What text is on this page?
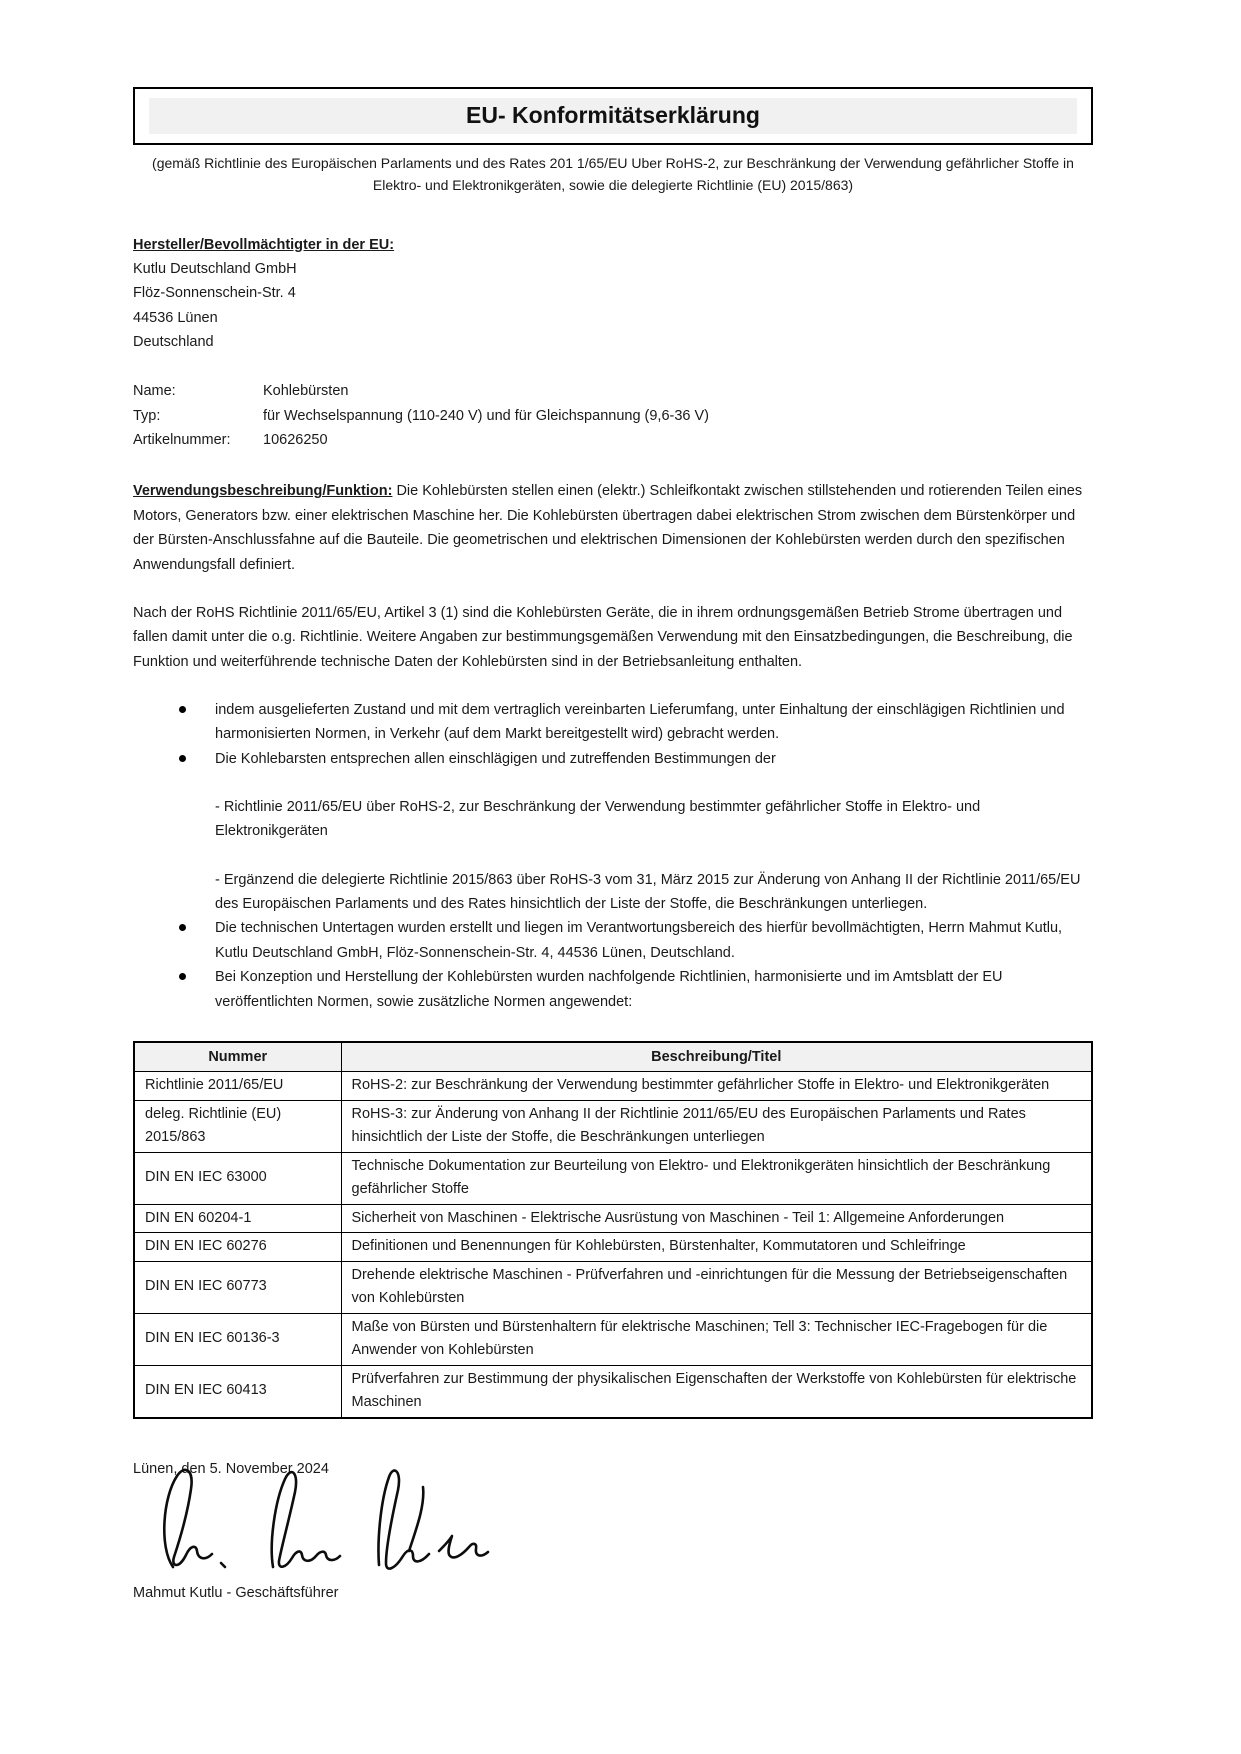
EU- Konformitätserklärung

(gemäß Richtlinie des Europäischen Parlaments und des Rates 201 1/65/EU Uber RoHS-2, zur Beschränkung der Verwendung gefährlicher Stoffe in Elektro- und Elektronikgeräten, sowie die delegierte Richtlinie (EU) 2015/863)

Hersteller/Bevollmächtigter in der EU:

Kutlu Deutschland GmbH

Flöz-Sonnenschein-Str. 4

44536 Lünen

Deutschland

Name:	Kohlebürsten
Typ:	für Wechselspannung (110-240 V) und für Gleichspannung (9,6-36 V)
Artikelnummer:	10626250

Verwendungsbeschreibung/Funktion: Die Kohlebürsten stellen einen (elektr.) Schleifkontakt zwischen stillstehenden und rotierenden Teilen eines Motors, Generators bzw. einer elektrischen Maschine her. Die Kohlebürsten übertragen dabei elektrischen Strom zwischen dem Bürstenkörper und der Bürsten-Anschlussfahne auf die Bauteile. Die geometrischen und elektrischen Dimensionen der Kohlebürsten werden durch den spezifischen Anwendungsfall definiert.

Nach der RoHS Richtlinie 2011/65/EU, Artikel 3 (1) sind die Kohlebürsten Geräte, die in ihrem ordnungsgemäßen Betrieb Strome übertragen und fallen damit unter die o.g. Richtlinie. Weitere Angaben zur bestimmungsgemäßen Verwendung mit den Einsatzbedingungen, die Beschreibung, die Funktion und weiterführende technische Daten der Kohlebürsten sind in der Betriebsanleitung enthalten.

indem ausgelieferten Zustand und mit dem vertraglich vereinbarten Lieferumfang, unter Einhaltung der einschlägigen Richtlinien und harmonisierten Normen, in Verkehr (auf dem Markt bereitgestellt wird) gebracht werden.
Die Kohlebarsten entsprechen allen einschlägigen und zutreffenden Bestimmungen der

- Richtlinie 2011/65/EU über RoHS-2, zur Beschränkung der Verwendung bestimmter gefährlicher Stoffe in Elektro- und Elektronikgeräten

- Ergänzend die delegierte Richtlinie 2015/863 über RoHS-3 vom 31, März 2015 zur Änderung von Anhang II der Richtlinie 2011/65/EU des Europäischen Parlaments und des Rates hinsichtlich der Liste der Stoffe, die Beschränkungen unterliegen.

Die technischen Untertagen wurden erstellt und liegen im Verantwortungsbereich des hierfür bevollmächtigten, Herrn Mahmut Kutlu, Kutlu Deutschland GmbH, Flöz-Sonnenschein-Str. 4, 44536 Lünen, Deutschland.
Bei Konzeption und Herstellung der Kohlebürsten wurden nachfolgende Richtlinien, harmonisierte und im Amtsblatt der EU veröffentlichten Normen, sowie zusätzliche Normen angewendet:
Nummer	Beschreibung/Titel
Richtlinie 2011/65/EU	RoHS-2: zur Beschränkung der Verwendung bestimmter gefährlicher Stoffe in Elektro- und Elektronikgeräten
deleg. Richtlinie (EU) 2015/863	RoHS-3: zur Änderung von Anhang II der Richtlinie 2011/65/EU des Europäischen Parlaments und Rates hinsichtlich der Liste der Stoffe, die Beschränkungen unterliegen
DIN EN IEC 63000	Technische Dokumentation zur Beurteilung von Elektro- und Elektronikgeräten hinsichtlich der Beschränkung gefährlicher Stoffe
DIN EN 60204-1	Sicherheit von Maschinen - Elektrische Ausrüstung von Maschinen - Teil 1: Allgemeine Anforderungen
DIN EN IEC 60276	Definitionen und Benennungen für Kohlebürsten, Bürstenhalter, Kommutatoren und Schleifringe
DIN EN IEC 60773	Drehende elektrische Maschinen - Prüfverfahren und -einrichtungen für die Messung der Betriebseigenschaften von Kohlebürsten
DIN EN IEC 60136-3	Maße von Bürsten und Bürstenhaltern für elektrische Maschinen; Tell 3: Technischer IEC-Fragebogen für die Anwender von Kohlebürsten
DIN EN IEC 60413	Prüfverfahren zur Bestimmung der physikalischen Eigenschaften der Werkstoffe von Kohlebürsten für elektrische Maschinen

Lünen, den 5. November 2024

Mahmut Kutlu - Geschäftsführer
